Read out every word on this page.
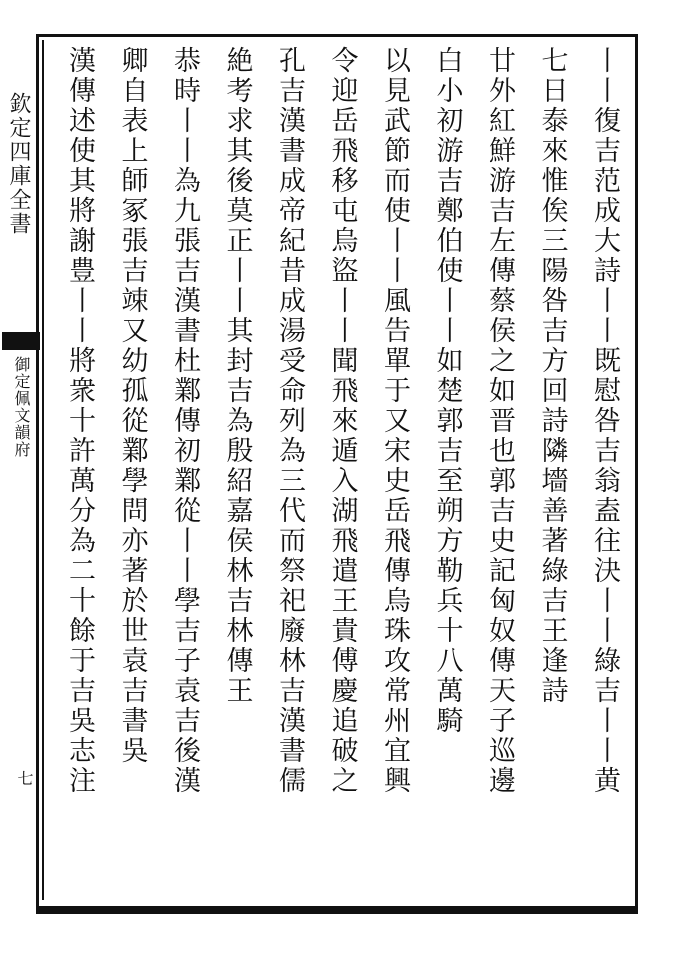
欽定四庫全書
御定佩文韻府
七	丨丨復吉范成大詩丨丨既慰咎吉翁盍往決丨丨綠吉丨丨黄
七日泰來惟俟三陽咎吉方回詩隣墻善著綠吉王逢詩
廿外紅鮮游吉左傳蔡侯之如晋也郭吉史記匈奴傳天子巡邊
白小初游吉鄭伯使丨丨如楚郭吉至朔方勒兵十八萬騎
以見武節而使丨丨風告單于又宋史岳飛傳烏珠攻常州宜興
令迎岳飛移屯烏盜丨丨聞飛來遁入湖飛遣王貴傅慶追破之
孔吉漢書成帝紀昔成湯受命列為三代而祭祀廢林吉漢書儒
絶考求其後莫正丨丨其封吉為殷紹嘉侯林吉林傳王
恭時丨丨為九張吉漢書杜鄴傳初鄴從丨丨學吉子袁吉後漢
卿自表上師冢張吉竦又幼孤從鄴學問亦著於世袁吉書吳
漢傳述使其將謝豊丨丨將衆十許萬分為二十餘于吉吳志注
